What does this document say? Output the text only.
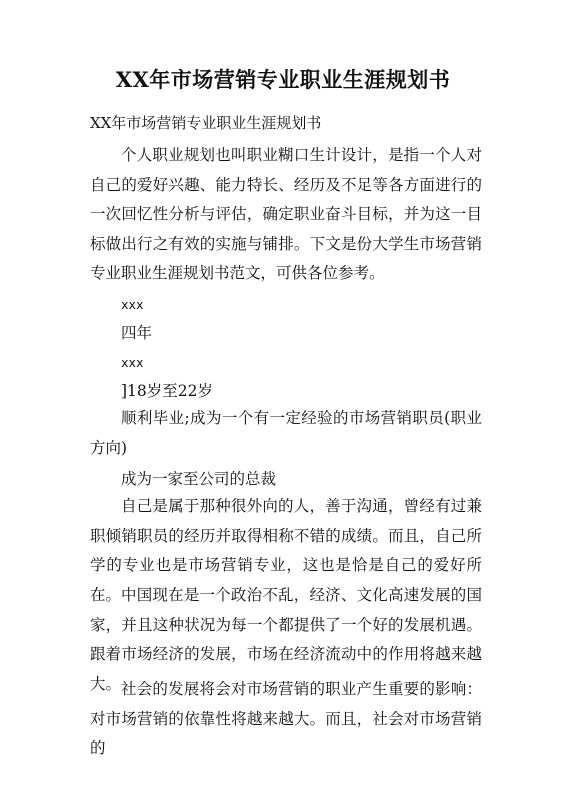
XX年市场营销专业职业生涯规划书
XX年市场营销专业职业生涯规划书

个人职业规划也叫职业糊口生计设计，是指一个人对自己的爱好兴趣、能力特长、经历及不足等各方面进行的一次回忆性分析与评估，确定职业奋斗目标，并为这一目标做出行之有效的实施与铺排。下文是份大学生市场营销专业职业生涯规划书范文，可供各位参考。

xxx

四年

xxx

]18岁至22岁

顺利毕业;成为一个有一定经验的市场营销职员(职业方向)

成为一家至公司的总裁

自己是属于那种很外向的人，善于沟通，曾经有过兼职倾销职员的经历并取得相称不错的成绩。而且，自己所学的专业也是市场营销专业，这也是恰是自己的爱好所在。 中国现在是一个政治不乱，经济、文化高速发展的国家，并且这种状况为每一个都提供了一个好的发展机遇。跟着市场经济的发展，市场在经济流动中的作用将越来越大。 社会的发展将会对市场营销的职业产生重要的影响：对市场营销的依靠性将越来越大。而且，社会对市场营销的
